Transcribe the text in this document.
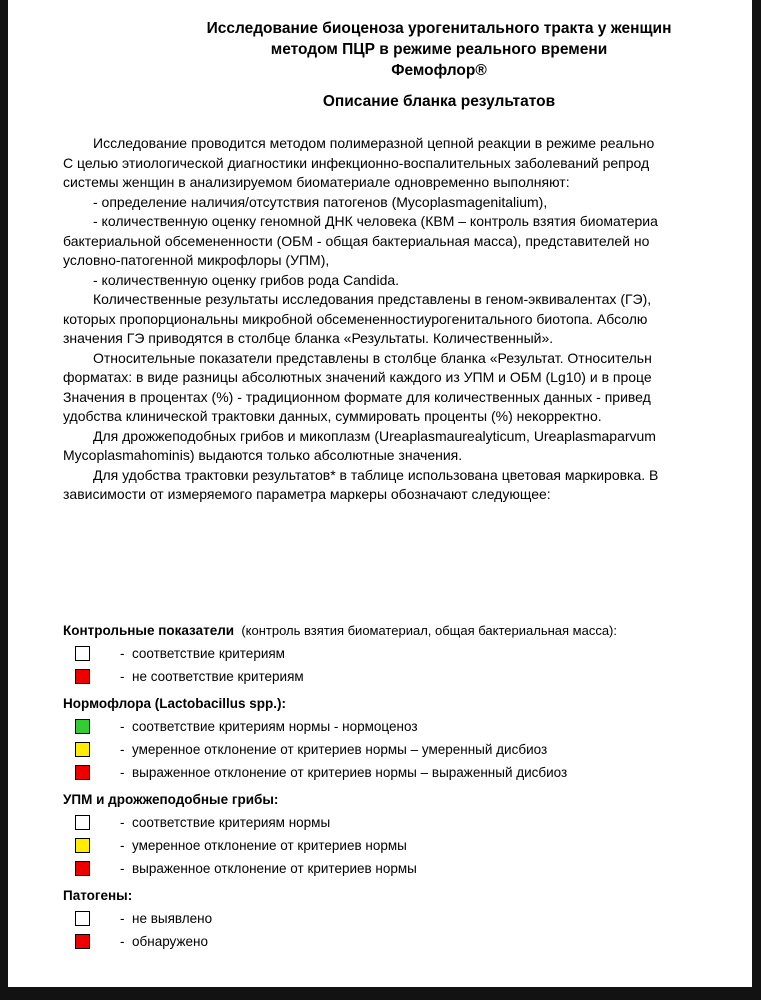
Исследование биоценоза урогенитального тракта у женщин
методом ПЦР в режиме реального времени
Фемофлор®
Описание бланка результатов
Исследование проводится методом полимеразной цепной реакции в режиме реально
С целью этиологической диагностики инфекционно-воспалительных заболеваний репрод
системы женщин в анализируемом биоматериале одновременно выполняют:
- определение наличия/отсутствия патогенов (Mycoplasmagenitalium),
- количественную оценку геномной ДНК человека (КВМ – контроль взятия биоматериа
бактериальной обсемененности (ОБМ - общая бактериальная масса), представителей но
условно-патогенной микрофлоры (УПМ),
- количественную оценку грибов рода Candida.
Количественные результаты исследования представлены в геном-эквивалентах (ГЭ),
которых пропорциональны микробной обсемененностиурогенитального биотопа. Абсолю
значения ГЭ приводятся в столбце бланка «Результаты. Количественный».
Относительные показатели представлены в столбце бланка «Результат. Относительн
форматах: в виде разницы абсолютных значений каждого из УПМ и ОБМ (Lg10) и в проце
Значения в процентах (%) - традиционном формате для количественных данных - привед
удобства клинической трактовки данных, суммировать проценты (%) некорректно.
Для дрожжеподобных грибов и микоплазм (Ureaplasmaurealyticum, Ureaplasmaparvum
Mycoplasmahominis) выдаются только абсолютные значения.
Для удобства трактовки результатов* в таблице использована цветовая маркировка. В
зависимости от измеряемого параметра маркеры обозначают следующее:
Контрольные показатели  (контроль взятия биоматериал, общая бактериальная масса):
-  соответствие критериям
-  не соответствие критериям
Нормофлора (Lactobacillus spp.):
-  соответствие критериям нормы - нормоценоз
-  умеренное отклонение от критериев нормы – умеренный дисбиоз
-  выраженное отклонение от критериев нормы – выраженный дисбиоз
УПМ и дрожжеподобные грибы:
-  соответствие критериям нормы
-  умеренное отклонение от критериев нормы
-  выраженное отклонение от критериев нормы
Патогены:
-  не выявлено
-  обнаружено
